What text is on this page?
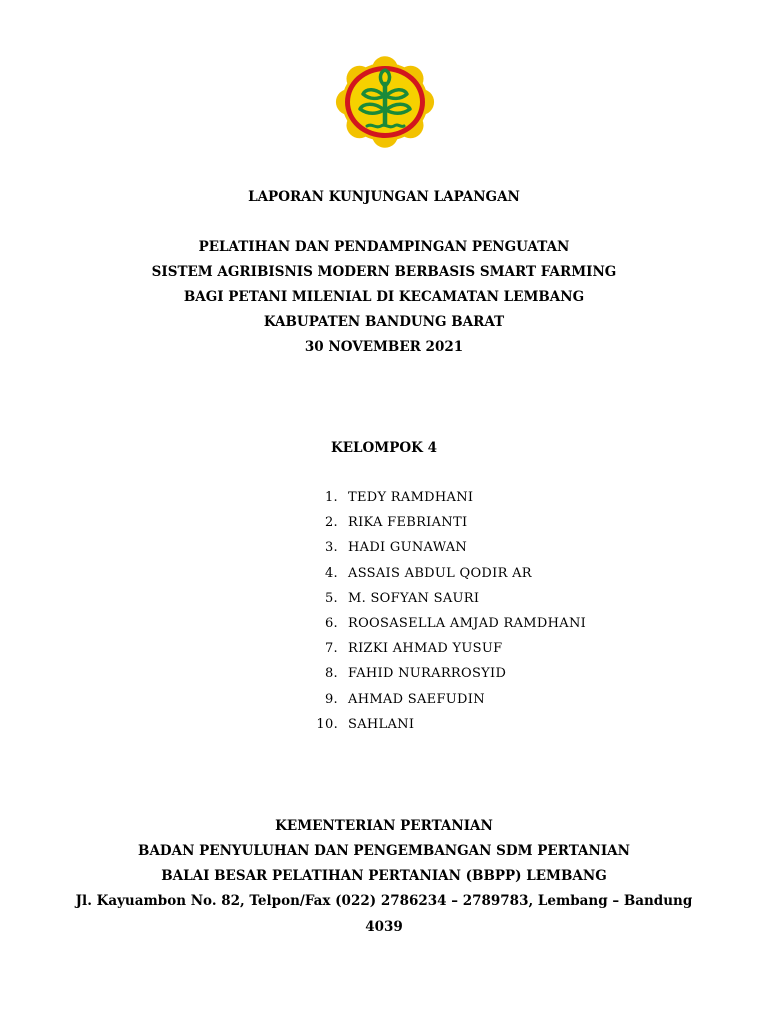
LAPORAN KUNJUNGAN LAPANGAN
PELATIHAN DAN PENDAMPINGAN PENGUATAN
SISTEM AGRIBISNIS MODERN BERBASIS SMART FARMING
BAGI PETANI MILENIAL DI KECAMATAN LEMBANG
KABUPATEN BANDUNG BARAT
30 NOVEMBER 2021
KELOMPOK 4
1. TEDY RAMDHANI
2. RIKA FEBRIANTI
3. HADI GUNAWAN
4. ASSAIS ABDUL QODIR AR
5. M. SOFYAN SAURI
6. ROOSASELLA AMJAD RAMDHANI
7. RIZKI AHMAD YUSUF
8. FAHID NURARROSYID
9. AHMAD SAEFUDIN
10. SAHLANI
KEMENTERIAN PERTANIAN
BADAN PENYULUHAN DAN PENGEMBANGAN SDM PERTANIAN
BALAI BESAR PELATIHAN PERTANIAN (BBPP) LEMBANG
Jl. Kayuambon No. 82, Telpon/Fax (022) 2786234 – 2789783, Lembang – Bandung
4039
